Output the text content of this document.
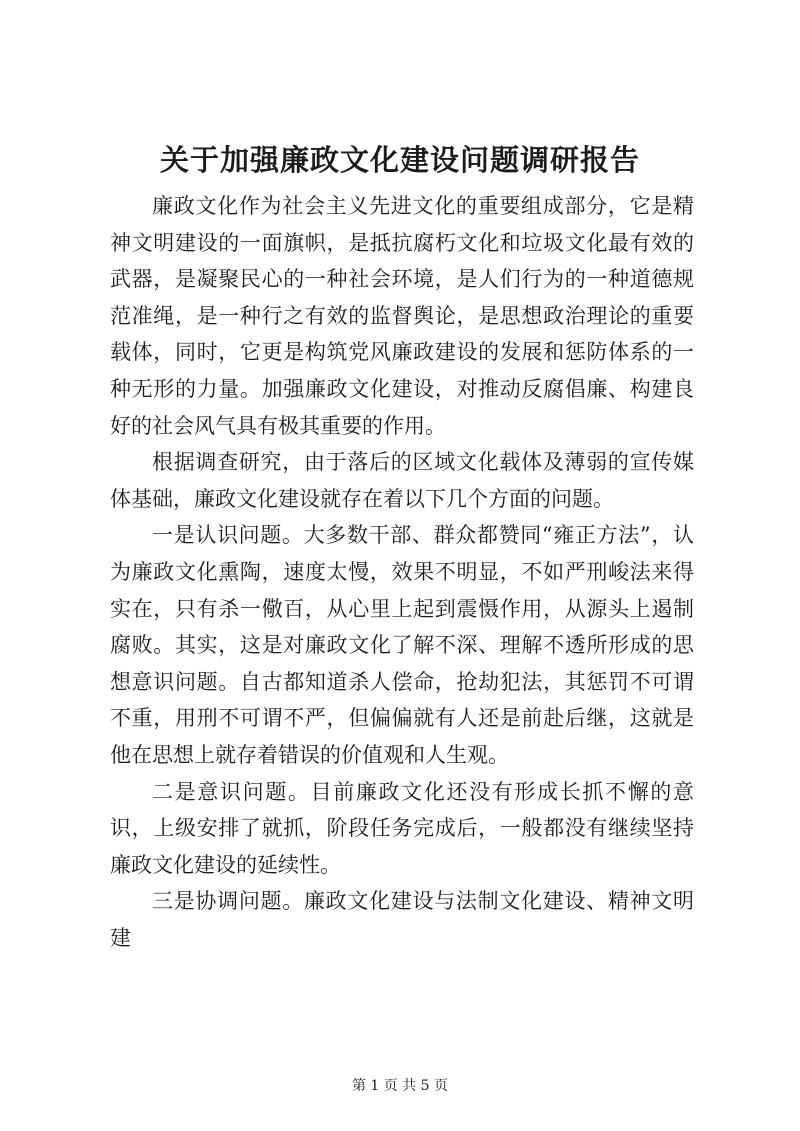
关于加强廉政文化建设问题调研报告

廉政文化作为社会主义先进文化的重要组成部分，它是精神文明建设的一面旗帜，是抵抗腐朽文化和垃圾文化最有效的武器，是凝聚民心的一种社会环境，是人们行为的一种道德规范准绳，是一种行之有效的监督舆论，是思想政治理论的重要载体，同时，它更是构筑党风廉政建设的发展和惩防体系的一种无形的力量。加强廉政文化建设，对推动反腐倡廉、构建良好的社会风气具有极其重要的作用。

根据调查研究，由于落后的区域文化载体及薄弱的宣传媒体基础，廉政文化建设就存在着以下几个方面的问题。

一是认识问题。大多数干部、群众都赞同“雍正方法”，认为廉政文化熏陶，速度太慢，效果不明显，不如严刑峻法来得实在，只有杀一儆百，从心里上起到震慑作用，从源头上遏制腐败。其实，这是对廉政文化了解不深、理解不透所形成的思想意识问题。自古都知道杀人偿命，抢劫犯法，其惩罚不可谓不重，用刑不可谓不严，但偏偏就有人还是前赴后继，这就是他在思想上就存着错误的价值观和人生观。

二是意识问题。目前廉政文化还没有形成长抓不懈的意识，上级安排了就抓，阶段任务完成后，一般都没有继续坚持廉政文化建设的延续性。

三是协调问题。廉政文化建设与法制文化建设、精神文明建

第 1 页 共 5 页
